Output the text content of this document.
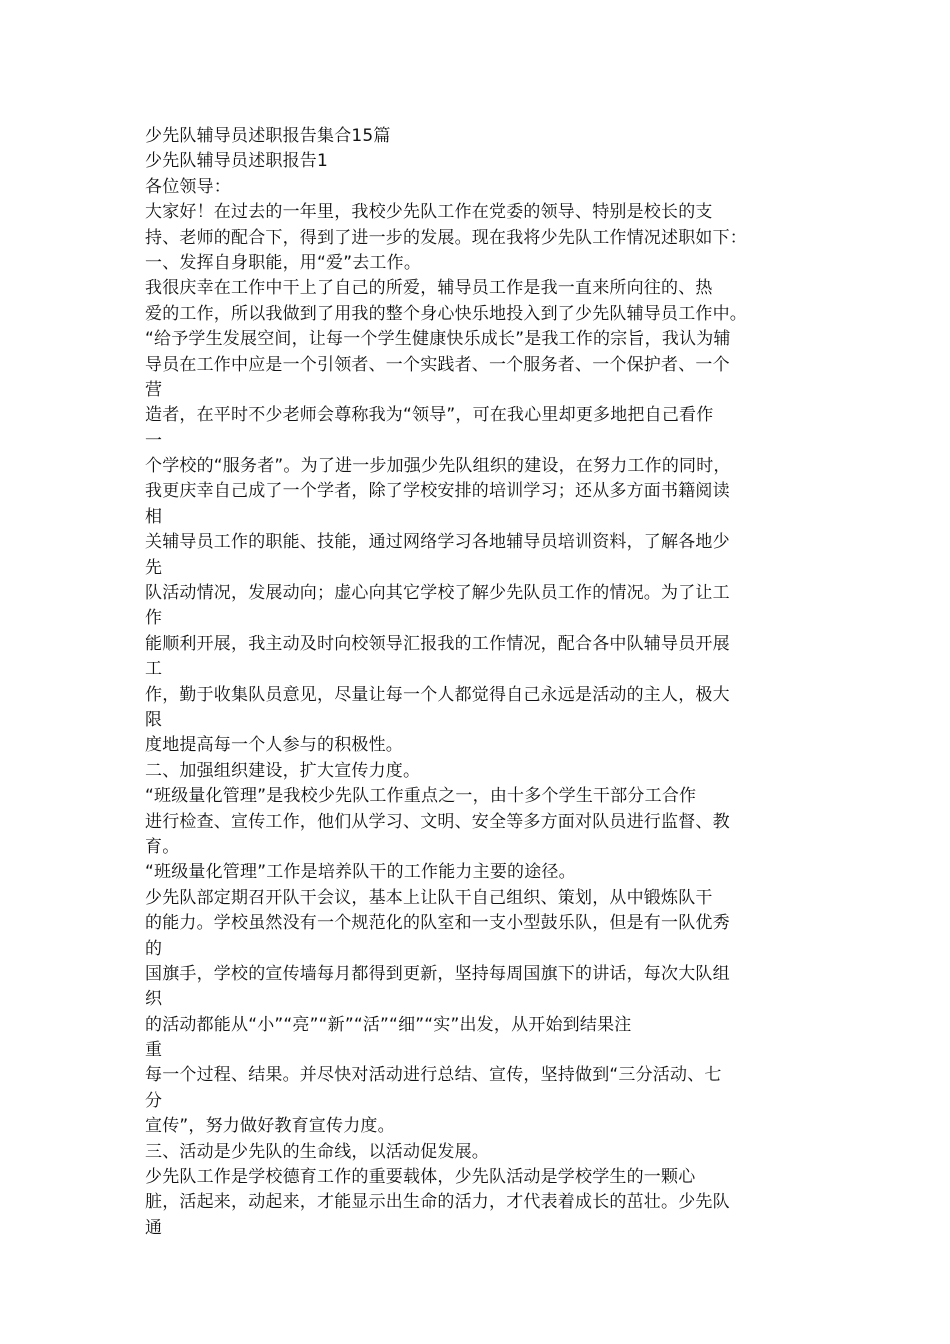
少先队辅导员述职报告集合15篇
少先队辅导员述职报告1
各位领导：
大家好！在过去的一年里，我校少先队工作在党委的领导、特别是校长的支
持、老师的配合下，得到了进一步的发展。现在我将少先队工作情况述职如下：
一、发挥自身职能，用“爱”去工作。
我很庆幸在工作中干上了自己的所爱，辅导员工作是我一直来所向往的、热
爱的工作，所以我做到了用我的整个身心快乐地投入到了少先队辅导员工作中。
“给予学生发展空间，让每一个学生健康快乐成长”是我工作的宗旨，我认为辅
导员在工作中应是一个引领者、一个实践者、一个服务者、一个保护者、一个
营
造者，在平时不少老师会尊称我为“领导”，可在我心里却更多地把自己看作
一
个学校的“服务者”。为了进一步加强少先队组织的建设，在努力工作的同时，
我更庆幸自己成了一个学者，除了学校安排的培训学习；还从多方面书籍阅读
相
关辅导员工作的职能、技能，通过网络学习各地辅导员培训资料，了解各地少
先
队活动情况，发展动向；虚心向其它学校了解少先队员工作的情况。为了让工
作
能顺利开展，我主动及时向校领导汇报我的工作情况，配合各中队辅导员开展
工
作，勤于收集队员意见，尽量让每一个人都觉得自己永远是活动的主人，极大
限
度地提高每一个人参与的积极性。
二、加强组织建设，扩大宣传力度。
“班级量化管理”是我校少先队工作重点之一，由十多个学生干部分工合作
进行检查、宣传工作，他们从学习、文明、安全等多方面对队员进行监督、教
育。
“班级量化管理”工作是培养队干的工作能力主要的途径。
少先队部定期召开队干会议，基本上让队干自己组织、策划，从中锻炼队干
的能力。学校虽然没有一个规范化的队室和一支小型鼓乐队，但是有一队优秀
的
国旗手，学校的宣传墙每月都得到更新，坚持每周国旗下的讲话，每次大队组
织
的活动都能从“小”“亮”“新”“活”“细”“实”出发，从开始到结果注
重
每一个过程、结果。并尽快对活动进行总结、宣传，坚持做到“三分活动、七
分
宣传”，努力做好教育宣传力度。
三、活动是少先队的生命线，以活动促发展。
少先队工作是学校德育工作的重要载体，少先队活动是学校学生的一颗心
脏，活起来，动起来，才能显示出生命的活力，才代表着成长的茁壮。少先队
通
